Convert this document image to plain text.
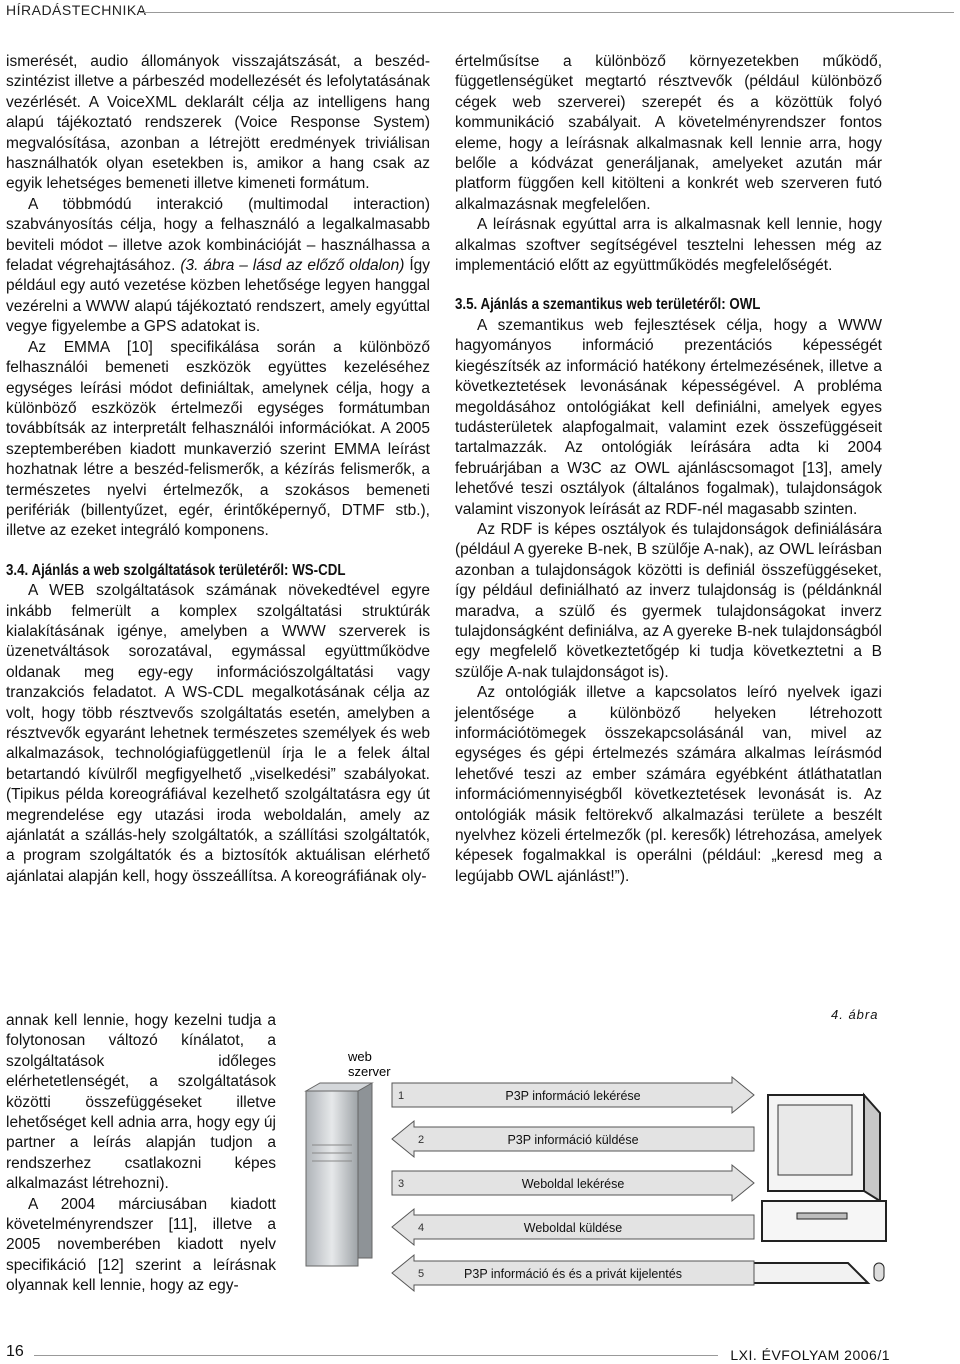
HÍRADÁSTECHNIKA

ismerését, audio állományok visszajátszását, a beszéd-szintézist illetve a párbeszéd modellezését és lefolytatásának vezérlését. A VoiceXML deklarált célja az intelligens hang alapú tájékoztató rendszerek (Voice Response System) megvalósítása, azonban a létrejött eredmények triviálisan használhatók olyan esetekben is, amikor a hang csak az egyik lehetséges bemeneti illetve kimeneti formátum.

A többmódú interakció (multimodal interaction) szabványosítás célja, hogy a felhasználó a legalkalmasabb beviteli módot – illetve azok kombinációját – használhassa a feladat végrehajtásához. (3. ábra – lásd az előző oldalon) Így például egy autó vezetése közben lehetősége legyen hanggal vezérelni a WWW alapú tájékoztató rendszert, amely egyúttal vegye figyelembe a GPS adatokat is.

Az EMMA [10] specifikálása során a különböző felhasználói bemeneti eszközök együttes kezeléséhez egységes leírási módot definiáltak, amelynek célja, hogy a különböző eszközök értelmezői egységes formátumban továbbítsák az interpretált felhasználói információkat. A 2005 szeptemberében kiadott munkaverzió szerint EMMA leírást hozhatnak létre a beszéd-felismerők, a kézírás felismerők, a természetes nyelvi értelmezők, a szokásos bemeneti perifériák (billentyűzet, egér, érintőképernyő, DTMF stb.), illetve az ezeket integráló komponens.

3.4. Ajánlás a web szolgáltatások területéről: WS-CDL

A WEB szolgáltatások számának növekedtével egyre inkább felmerült a komplex szolgáltatási struktúrák kialakításának igénye, amelyben a WWW szerverek is üzenetváltások sorozatával, egymással együttműködve oldanak meg egy-egy információszolgáltatási vagy tranzakciós feladatot. A WS-CDL megalkotásának célja az volt, hogy több résztvevős szolgáltatás esetén, amelyben a résztvevők egyaránt lehetnek természetes személyek és web alkalmazások, technológiafüggetlenül írja le a felek által betartandó kívülről megfigyelhető „viselkedési” szabályokat. (Tipikus példa koreográfiával kezelhető szolgáltatásra egy út megrendelése egy utazási iroda weboldalán, amely az ajánlatát a szállás-hely szolgáltatók, a szállítási szolgáltatók, a program szolgáltatók és a biztosítók aktuálisan elérhető ajánlatai alapján kell, hogy összeállítsa. A koreográfiának oly-

annak kell lennie, hogy kezelni tudja a folytonosan változó kínálatot, a szolgáltatások időleges elérhetetlenségét, a szolgáltatások közötti összefüggéseket illetve lehetőséget kell adnia arra, hogy egy új partner a leírás alapján tudjon a rendszerhez csatlakozni képes alkalmazást létrehozni).

A 2004 márciusában kiadott követelményrendszer [11], illetve a 2005 novemberében kiadott nyelv specifikáció [12] szerint a leírásnak olyannak kell lennie, hogy az egy-

értelműsítse a különböző környezetekben működő, függetlenségüket megtartó résztvevők (például különböző cégek web szerverei) szerepét és a közöttük folyó kommunikáció szabályait. A követelményrendszer fontos eleme, hogy a leírásnak alkalmasnak kell lennie arra, hogy belőle a kódvázat generáljanak, amelyeket azután már platform függően kell kitölteni a konkrét web szerveren futó alkalmazásnak megfelelően.

A leírásnak egyúttal arra is alkalmasnak kell lennie, hogy alkalmas szoftver segítségével tesztelni lehessen még az implementáció előtt az együttműködés megfelelőségét.

3.5. Ajánlás a szemantikus web területéről: OWL

A szemantikus web fejlesztések célja, hogy a WWW hagyományos információ prezentációs képességét kiegészítsék az információ hatékony értelmezésének, illetve a következtetések levonásának képességével. A probléma megoldásához ontológiákat kell definiálni, amelyek egyes tudásterületek alapfogalmait, valamint ezek összefüggéseit tartalmazzák. Az ontológiák leírására adta ki 2004 februárjában a W3C az OWL ajánláscsomagot [13], amely lehetővé teszi osztályok (általános fogalmak), tulajdonságok valamint viszonyok leírását az RDF-nél magasabb szinten.

Az RDF is képes osztályok és tulajdonságok definiálására (például A gyereke B-nek, B szülője A-nak), az OWL leírásban azonban a tulajdonságok közötti is definiál összefüggéseket, így például definiálható az inverz tulajdonság is (példánknál maradva, a szülő és gyermek tulajdonságokat inverz tulajdonságként definiálva, az A gyereke B-nek tulajdonságból egy megfelelő következtetőgép ki tudja következtetni a B szülője A-nak tulajdonságot is).

Az ontológiák illetve a kapcsolatos leíró nyelvek igazi jelentősége a különböző helyeken létrehozott információtömegek összekapcsolásánál van, mivel az egységes és gépi értelmezés számára alkalmas leírásmód lehetővé teszi az ember számára egyébként átláthatatlan információmennyiségből következtetések levonását is. Az ontológiák másik feltörekvő alkalmazási területe a beszélt nyelvhez közeli értelmezők (pl. keresők) létrehozása, amelyek képesek fogalmakkal is operálni (például: „keresd meg a legújabb OWL ajánlást!”).

4. ábra
web
szerver
1	P3P információ lekérése
2	P3P információ küldése
3	Weboldal lekérése
4	Weboldal küldése
5	P3P információ és és a privát kijelentés
16	LXI. ÉVFOLYAM 2006/1
